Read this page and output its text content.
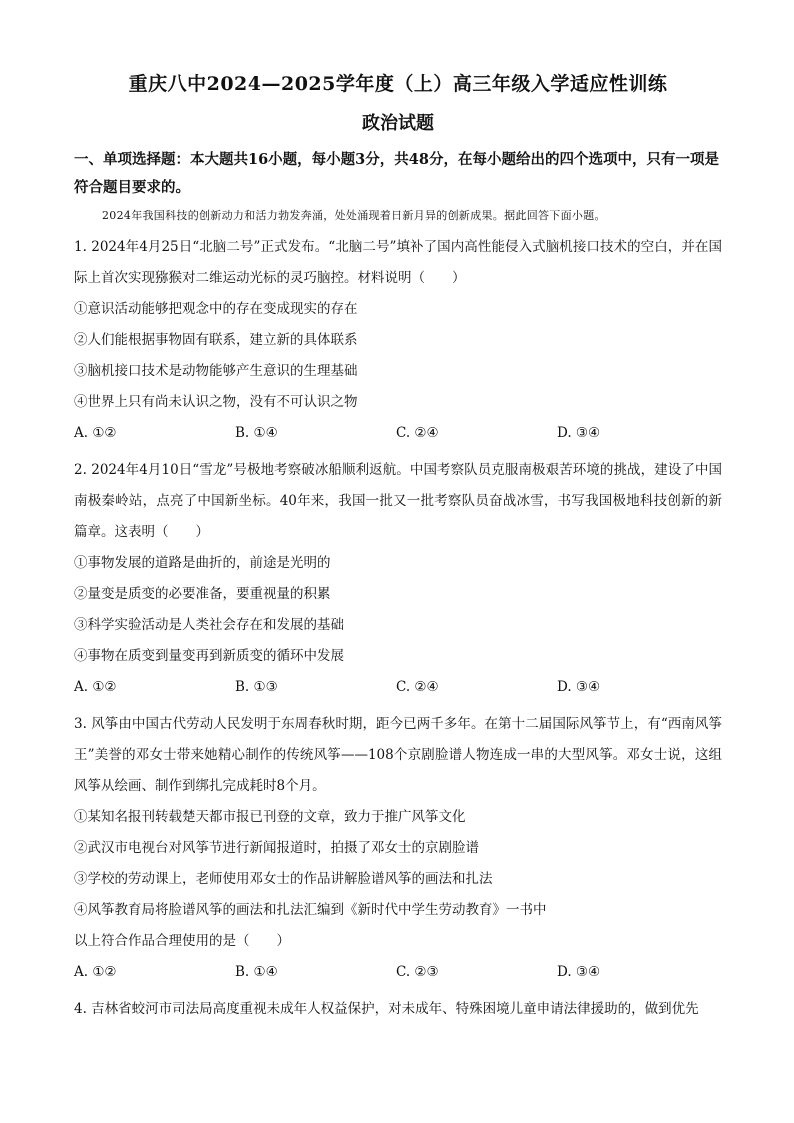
重庆八中2024—2025学年度（上）高三年级入学适应性训练
政治试题

一、单项选择题：本大题共16小题，每小题3分，共48分，在每小题给出的四个选项中，只有一项是符合题目要求的。

2024年我国科技的创新动力和活力勃发奔涌，处处涌现着日新月异的创新成果。据此回答下面小题。

1. 2024年4月25日“北脑二号”正式发布。“北脑二号”填补了国内高性能侵入式脑机接口技术的空白，并在国际上首次实现猕猴对二维运动光标的灵巧脑控。材料说明（　　）

①意识活动能够把观念中的存在变成现实的存在

②人们能根据事物固有联系，建立新的具体联系

③脑机接口技术是动物能够产生意识的生理基础

④世界上只有尚未认识之物，没有不可认识之物

A. ①②	B. ①④	C. ②④	D. ③④

2. 2024年4月10日“雪龙”号极地考察破冰船顺利返航。中国考察队员克服南极艰苦环境的挑战，建设了中国南极秦岭站，点亮了中国新坐标。40年来，我国一批又一批考察队员奋战冰雪，书写我国极地科技创新的新篇章。这表明（　　）

①事物发展的道路是曲折的，前途是光明的

②量变是质变的必要准备，要重视量的积累

③科学实验活动是人类社会存在和发展的基础

④事物在质变到量变再到新质变的循环中发展

A. ①②	B. ①③	C. ②④	D. ③④

3. 风筝由中国古代劳动人民发明于东周春秋时期，距今已两千多年。在第十二届国际风筝节上，有“西南风筝王”美誉的邓女士带来她精心制作的传统风筝——108个京剧脸谱人物连成一串的大型风筝。邓女士说，这组风筝从绘画、制作到绑扎完成耗时8个月。

①某知名报刊转载楚天都市报已刊登的文章，致力于推广风筝文化

②武汉市电视台对风筝节进行新闻报道时，拍摄了邓女士的京剧脸谱

③学校的劳动课上，老师使用邓女士的作品讲解脸谱风筝的画法和扎法

④风筝教育局将脸谱风筝的画法和扎法汇编到《新时代中学生劳动教育》一书中

以上符合作品合理使用的是（　　）

A. ①②	B. ①④	C. ②③	D. ③④

4. 吉林省蛟河市司法局高度重视未成年人权益保护，对未成年、特殊困境儿童申请法律援助的，做到优先
